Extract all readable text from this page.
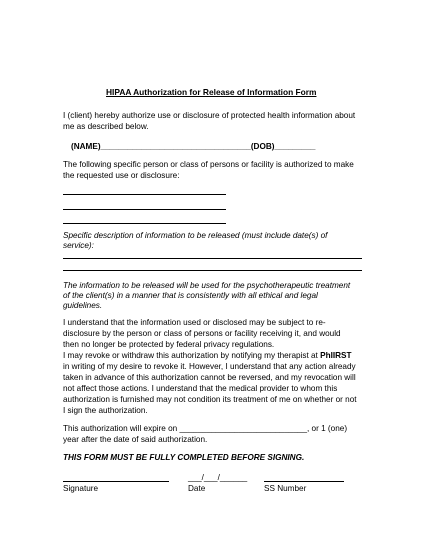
HIPAA Authorization for Release of Information Form
I (client) hereby authorize use or disclosure of protected health information about
me as described below.
(NAME)_________________________________(DOB)_________
The following specific person or class of persons or facility is authorized to make
the requested use or disclosure:
Specific description of information to be released (must include date(s) of
service):
The information to be released will be used for the psychotherapeutic treatment
of the client(s) in a manner that is consistently with all ethical and legal
guidelines.
I understand that the information used or disclosed may be subject to re-
disclosure by the person or class of persons or facility receiving it, and would
then no longer be protected by federal privacy regulations.
I may revoke or withdraw this authorization by notifying my therapist at PhIIRST
in writing of my desire to revoke it. However, I understand that any action already
taken in advance of this authorization cannot be reversed, and my revocation will
not affect those actions. I understand that the medical provider to whom this
authorization is furnished may not condition its treatment of me on whether or not
I sign the authorization.
This authorization will expire on ____________________________, or 1 (one)
year after the date of said authorization.
THIS FORM MUST BE FULLY COMPLETED BEFORE SIGNING.
___/___/______
Signature	Date	SS Number
